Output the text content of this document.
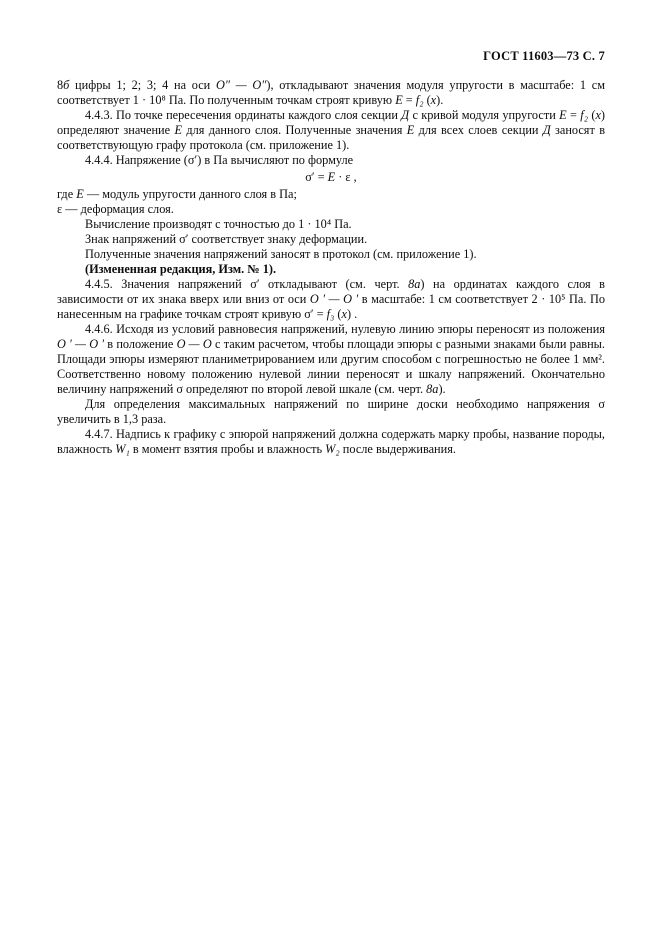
ГОСТ 11603—73 С. 7

8б цифры 1; 2; 3; 4 на оси O″ — O″), откладывают значения модуля упругости в масштабе: 1 см соответствует 1 · 10⁸ Па. По полученным точкам строят кривую E = f₂ (x).

4.4.3. По точке пересечения ординаты каждого слоя секции Д с кривой модуля упругости E = f₂ (x) определяют значение E для данного слоя. Полученные значения E для всех слоев секции Д заносят в соответствующую графу протокола (см. приложение 1).

4.4.4. Напряжение (σ′) в Па вычисляют по формуле

σ′ = E · ε ,

где E — модуль упругости данного слоя в Па;

ε — деформация слоя.

Вычисление производят с точностью до 1 · 10⁴ Па.

Знак напряжений σ′ соответствует знаку деформации.

Полученные значения напряжений заносят в протокол (см. приложение 1).

(Измененная редакция, Изм. № 1).

4.4.5. Значения напряжений σ′ откладывают (см. черт. 8а) на ординатах каждого слоя в зависимости от их знака вверх или вниз от оси O ′ — O ′ в масштабе: 1 см соответствует 2 · 10⁵ Па. По нанесенным на графике точкам строят кривую σ′ = f₃ (x) .

4.4.6. Исходя из условий равновесия напряжений, нулевую линию эпюры переносят из положения O ′ — O ′ в положение O — O с таким расчетом, чтобы площади эпюры с разными знаками были равны. Площади эпюры измеряют планиметрированием или другим способом с погрешностью не более 1 мм². Соответственно новому положению нулевой линии переносят и шкалу напряжений. Окончательно величину напряжений σ определяют по второй левой шкале (см. черт. 8а).

Для определения максимальных напряжений по ширине доски необходимо напряжения σ увеличить в 1,3 раза.

4.4.7. Надпись к графику с эпюрой напряжений должна содержать марку пробы, название породы, влажность W₁ в момент взятия пробы и влажность W₂ после выдерживания.
